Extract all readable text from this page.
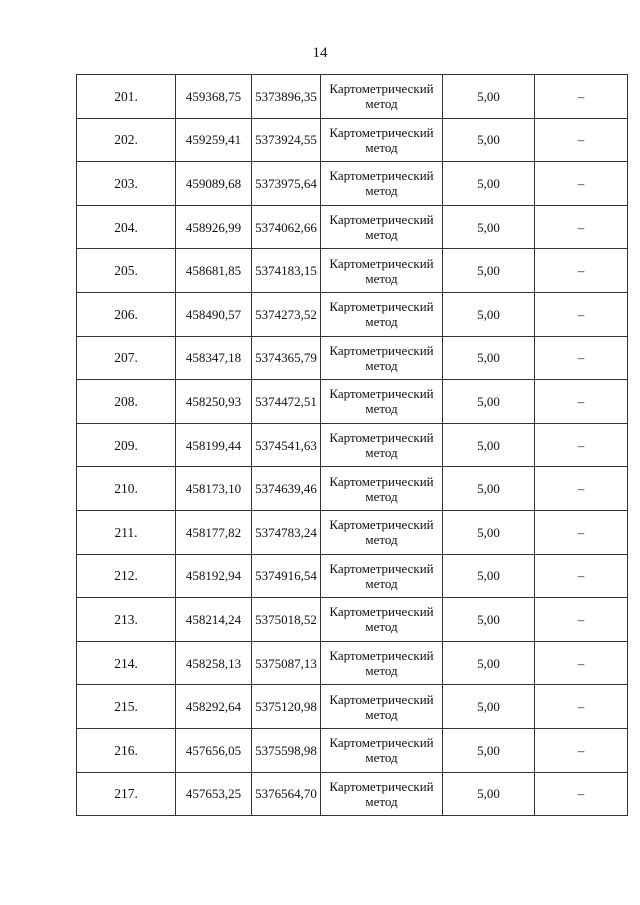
14
201.	459368,75	5373896,35	Картометрический метод	5,00	–
202.	459259,41	5373924,55	Картометрический метод	5,00	–
203.	459089,68	5373975,64	Картометрический метод	5,00	–
204.	458926,99	5374062,66	Картометрический метод	5,00	–
205.	458681,85	5374183,15	Картометрический метод	5,00	–
206.	458490,57	5374273,52	Картометрический метод	5,00	–
207.	458347,18	5374365,79	Картометрический метод	5,00	–
208.	458250,93	5374472,51	Картометрический метод	5,00	–
209.	458199,44	5374541,63	Картометрический метод	5,00	–
210.	458173,10	5374639,46	Картометрический метод	5,00	–
211.	458177,82	5374783,24	Картометрический метод	5,00	–
212.	458192,94	5374916,54	Картометрический метод	5,00	–
213.	458214,24	5375018,52	Картометрический метод	5,00	–
214.	458258,13	5375087,13	Картометрический метод	5,00	–
215.	458292,64	5375120,98	Картометрический метод	5,00	–
216.	457656,05	5375598,98	Картометрический метод	5,00	–
217.	457653,25	5376564,70	Картометрический метод	5,00	–
